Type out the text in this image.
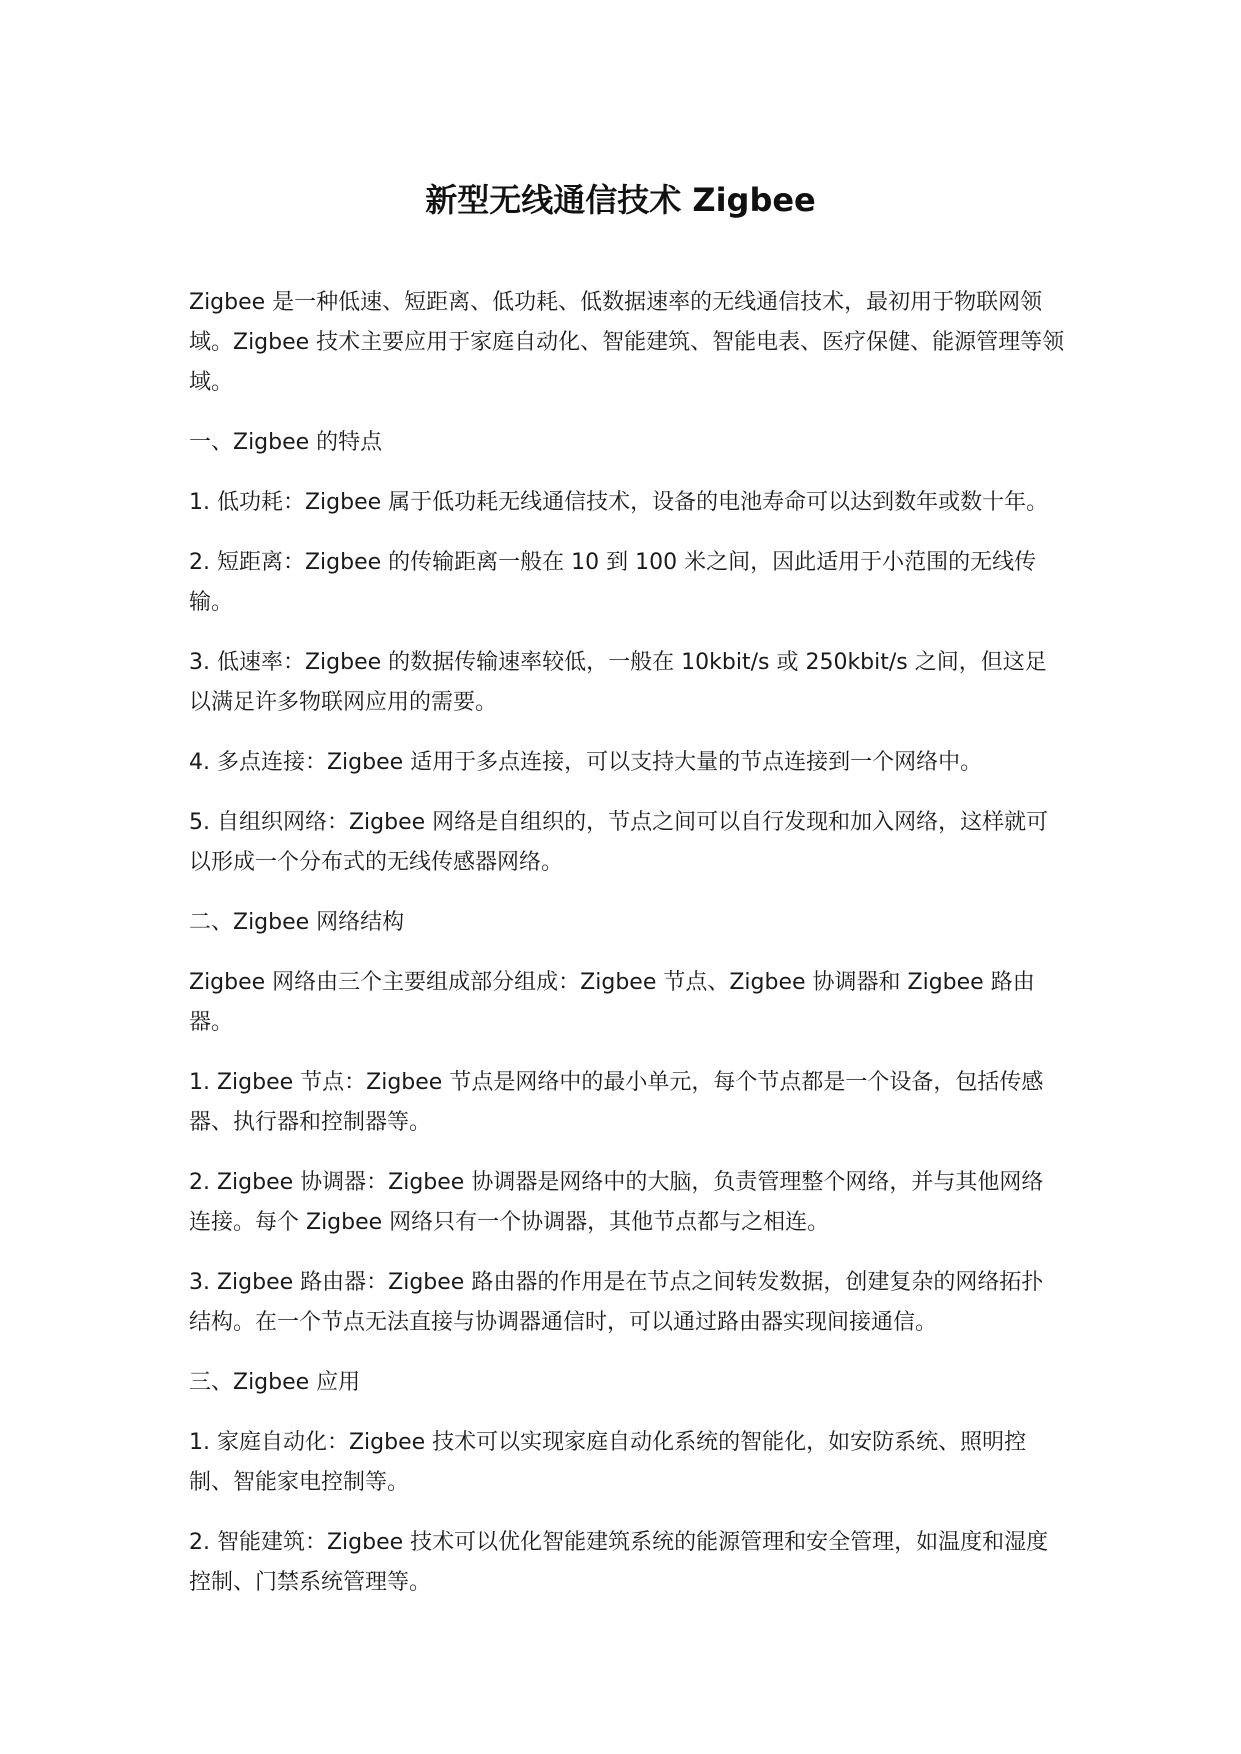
新型无线通信技术 Zigbee

Zigbee 是一种低速、短距离、低功耗、低数据速率的无线通信技术，最初用于物联网领域。Zigbee 技术主要应用于家庭自动化、智能建筑、智能电表、医疗保健、能源管理等领域。

一、Zigbee 的特点

1. 低功耗：Zigbee 属于低功耗无线通信技术，设备的电池寿命可以达到数年或数十年。

2. 短距离：Zigbee 的传输距离一般在 10 到 100 米之间，因此适用于小范围的无线传输。

3. 低速率：Zigbee 的数据传输速率较低，一般在 10kbit/s 或 250kbit/s 之间，但这足以满足许多物联网应用的需要。

4. 多点连接：Zigbee 适用于多点连接，可以支持大量的节点连接到一个网络中。

5. 自组织网络：Zigbee 网络是自组织的，节点之间可以自行发现和加入网络，这样就可以形成一个分布式的无线传感器网络。

二、Zigbee 网络结构

Zigbee 网络由三个主要组成部分组成：Zigbee 节点、Zigbee 协调器和 Zigbee 路由器。

1. Zigbee 节点：Zigbee 节点是网络中的最小单元，每个节点都是一个设备，包括传感器、执行器和控制器等。

2. Zigbee 协调器：Zigbee 协调器是网络中的大脑，负责管理整个网络，并与其他网络连接。每个 Zigbee 网络只有一个协调器，其他节点都与之相连。

3. Zigbee 路由器：Zigbee 路由器的作用是在节点之间转发数据，创建复杂的网络拓扑结构。在一个节点无法直接与协调器通信时，可以通过路由器实现间接通信。

三、Zigbee 应用

1. 家庭自动化：Zigbee 技术可以实现家庭自动化系统的智能化，如安防系统、照明控制、智能家电控制等。

2. 智能建筑：Zigbee 技术可以优化智能建筑系统的能源管理和安全管理，如温度和湿度控制、门禁系统管理等。
